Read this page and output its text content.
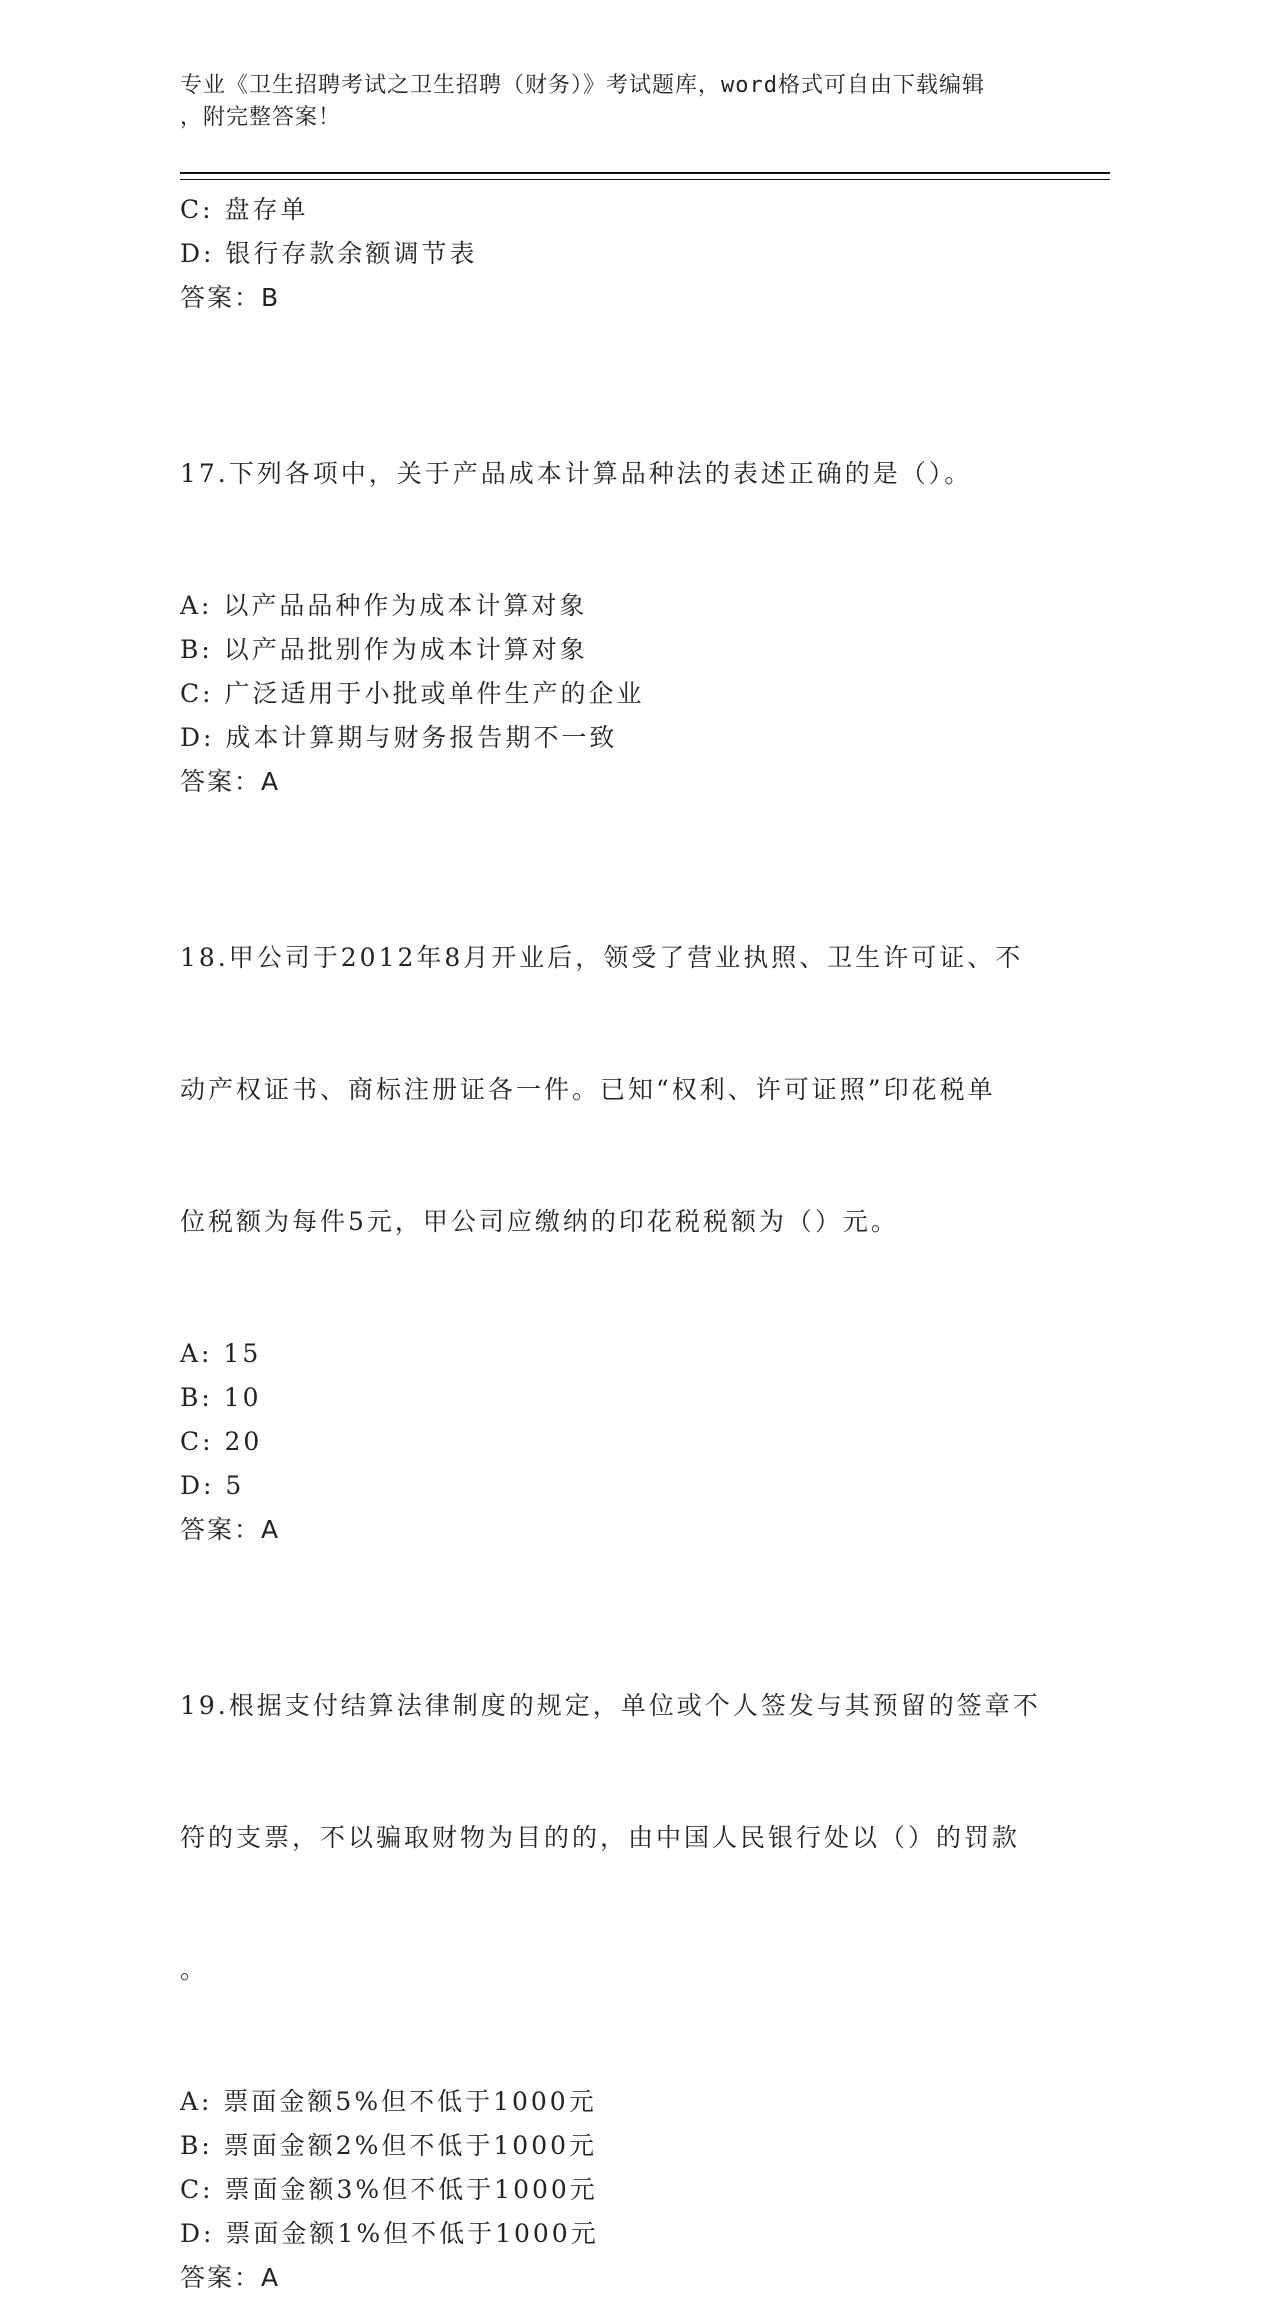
专业《卫生招聘考试之卫生招聘（财务）》考试题库，word格式可自由下载编辑
，附完整答案！
C: 盘存单
D: 银行存款余额调节表
答案：B

17.下列各项中，关于产品成本计算品种法的表述正确的是（）。

A: 以产品品种作为成本计算对象
B: 以产品批别作为成本计算对象
C: 广泛适用于小批或单件生产的企业
D: 成本计算期与财务报告期不一致
答案：A

18.甲公司于2012年8月开业后，领受了营业执照、卫生许可证、不

动产权证书、商标注册证各一件。已知“权利、许可证照”印花税单

位税额为每件5元，甲公司应缴纳的印花税税额为（）元。

A: 15
B: 10
C: 20
D: 5
答案：A

19.根据支付结算法律制度的规定，单位或个人签发与其预留的签章不

符的支票，不以骗取财物为目的的，由中国人民银行处以（）的罚款

。

A: 票面金额5%但不低于1000元
B: 票面金额2%但不低于1000元
C: 票面金额3%但不低于1000元
D: 票面金额1%但不低于1000元
答案：A
